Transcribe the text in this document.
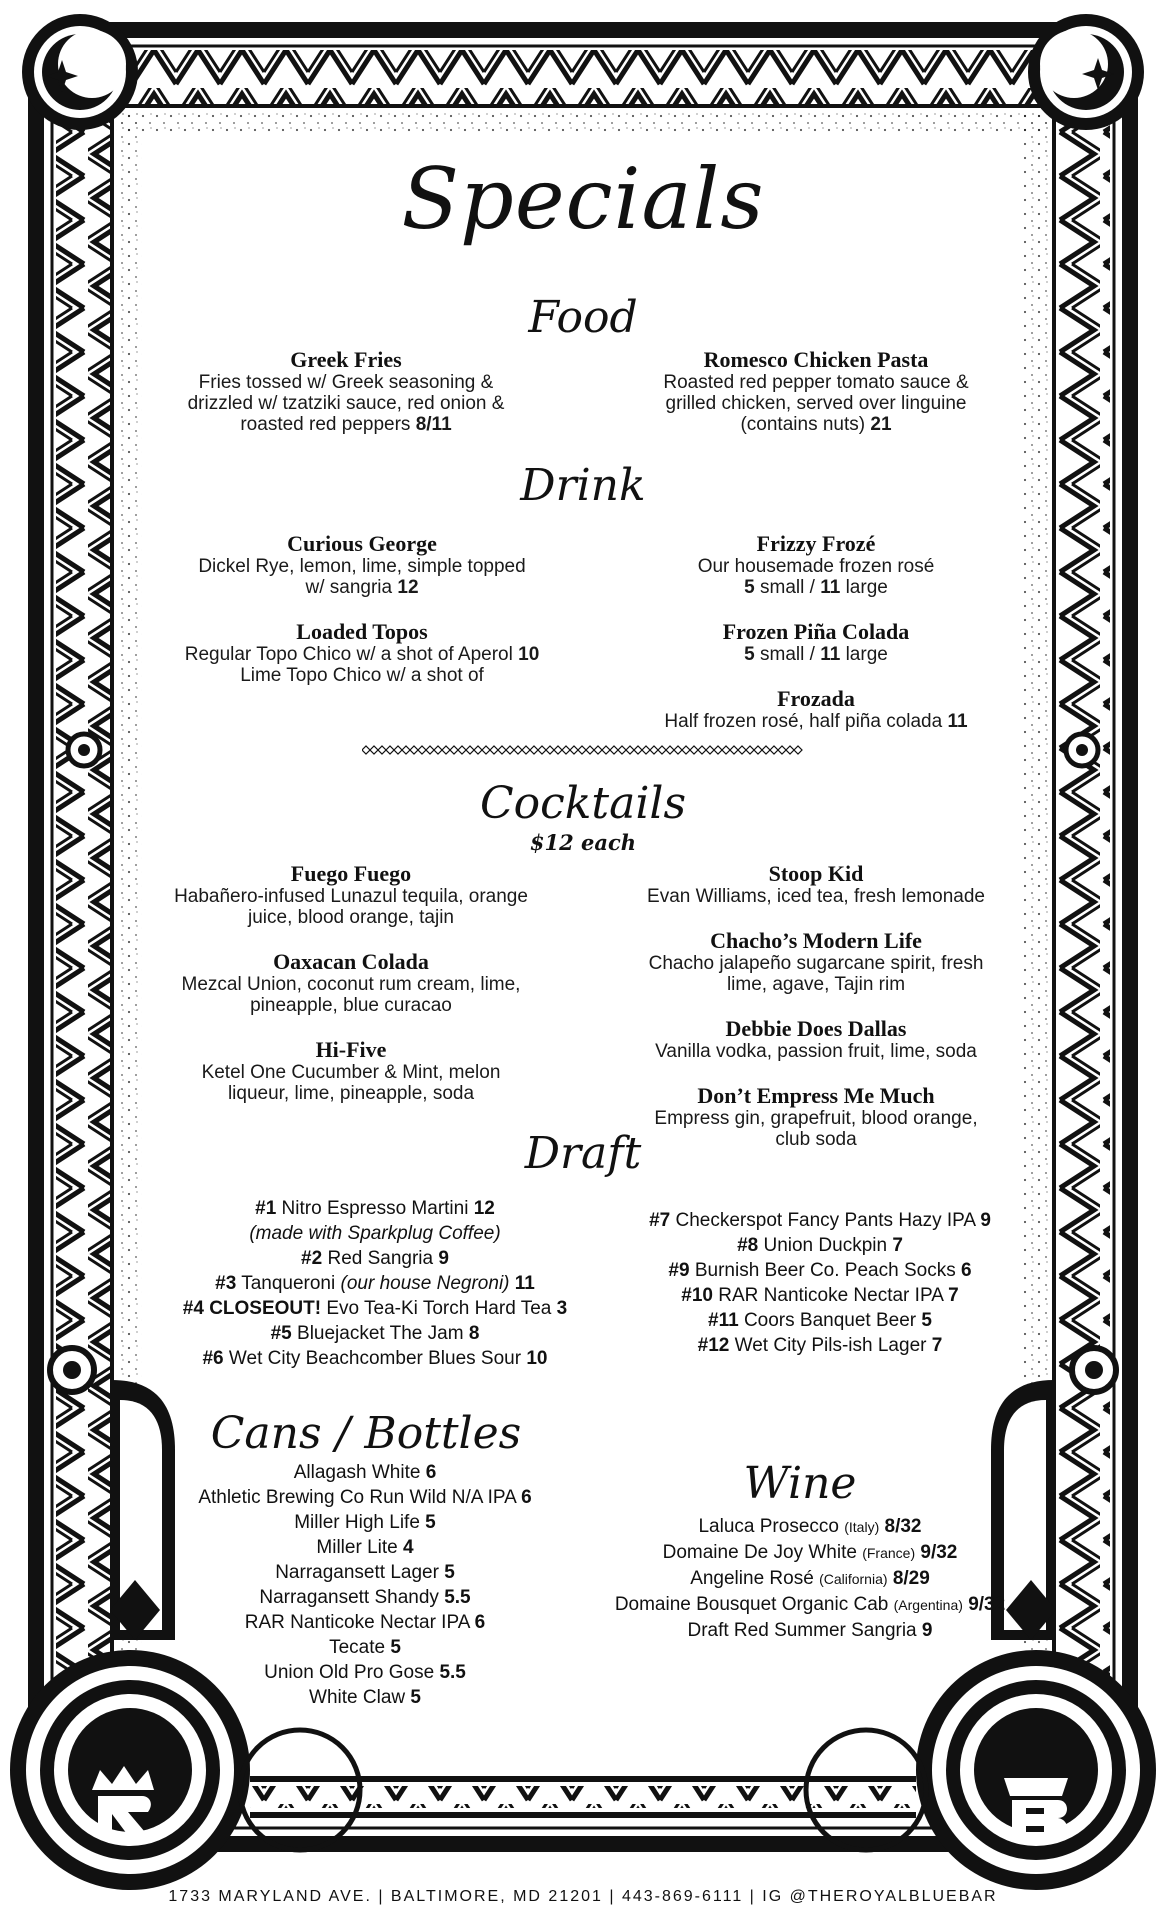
Specials
Food
Greek Fries
Fries tossed w/ Greek seasoning & drizzled w/ tzatziki sauce, red onion & roasted red peppers 8/11
Romesco Chicken Pasta
Roasted red pepper tomato sauce & grilled chicken, served over linguine (contains nuts) 21
Drink
Curious George
Dickel Rye, lemon, lime, simple topped w/ sangria 12
Loaded Topos
Regular Topo Chico w/ a shot of Aperol 10
Lime Topo Chico w/ a shot of
Frizzy Frozé
Our housemade frozen rosé
5 small / 11 large
Frozen Piña Colada
5 small / 11 large
Frozada
Half frozen rosé, half piña colada 11
Cocktails
$12 each
Fuego Fuego
Habañero-infused Lunazul tequila, orange juice, blood orange, tajin
Oaxacan Colada
Mezcal Union, coconut rum cream, lime, pineapple, blue curacao
Hi-Five
Ketel One Cucumber & Mint, melon liqueur, lime, pineapple, soda
Stoop Kid
Evan Williams, iced tea, fresh lemonade
Chacho’s Modern Life
Chacho jalapeño sugarcane spirit, fresh lime, agave, Tajin rim
Debbie Does Dallas
Vanilla vodka, passion fruit, lime, soda
Don’t Empress Me Much
Empress gin, grapefruit, blood orange, club soda
Draft
#1 Nitro Espresso Martini 12
(made with Sparkplug Coffee)
#2 Red Sangria 9
#3 Tanqueroni (our house Negroni) 11
#4 CLOSEOUT! Evo Tea-Ki Torch Hard Tea 3
#5 Bluejacket The Jam 8
#6 Wet City Beachcomber Blues Sour 10
#7 Checkerspot Fancy Pants Hazy IPA 9
#8 Union Duckpin 7
#9 Burnish Beer Co. Peach Socks 6
#10 RAR Nanticoke Nectar IPA 7
#11 Coors Banquet Beer 5
#12 Wet City Pils-ish Lager 7
Cans / Bottles
Allagash White 6
Athletic Brewing Co Run Wild N/A IPA 6
Miller High Life 5
Miller Lite 4
Narragansett Lager 5
Narragansett Shandy 5.5
RAR Nanticoke Nectar IPA 6
Tecate 5
Union Old Pro Gose 5.5
White Claw 5
Wine
Laluca Prosecco (Italy) 8/32
Domaine De Joy White (France) 9/32
Angeline Rosé (California) 8/29
Domaine Bousquet Organic Cab (Argentina) 9/32
Draft Red Summer Sangria 9
1733 MARYLAND AVE. | BALTIMORE, MD 21201 | 443-869-6111 | IG @THEROYALBLUEBAR
